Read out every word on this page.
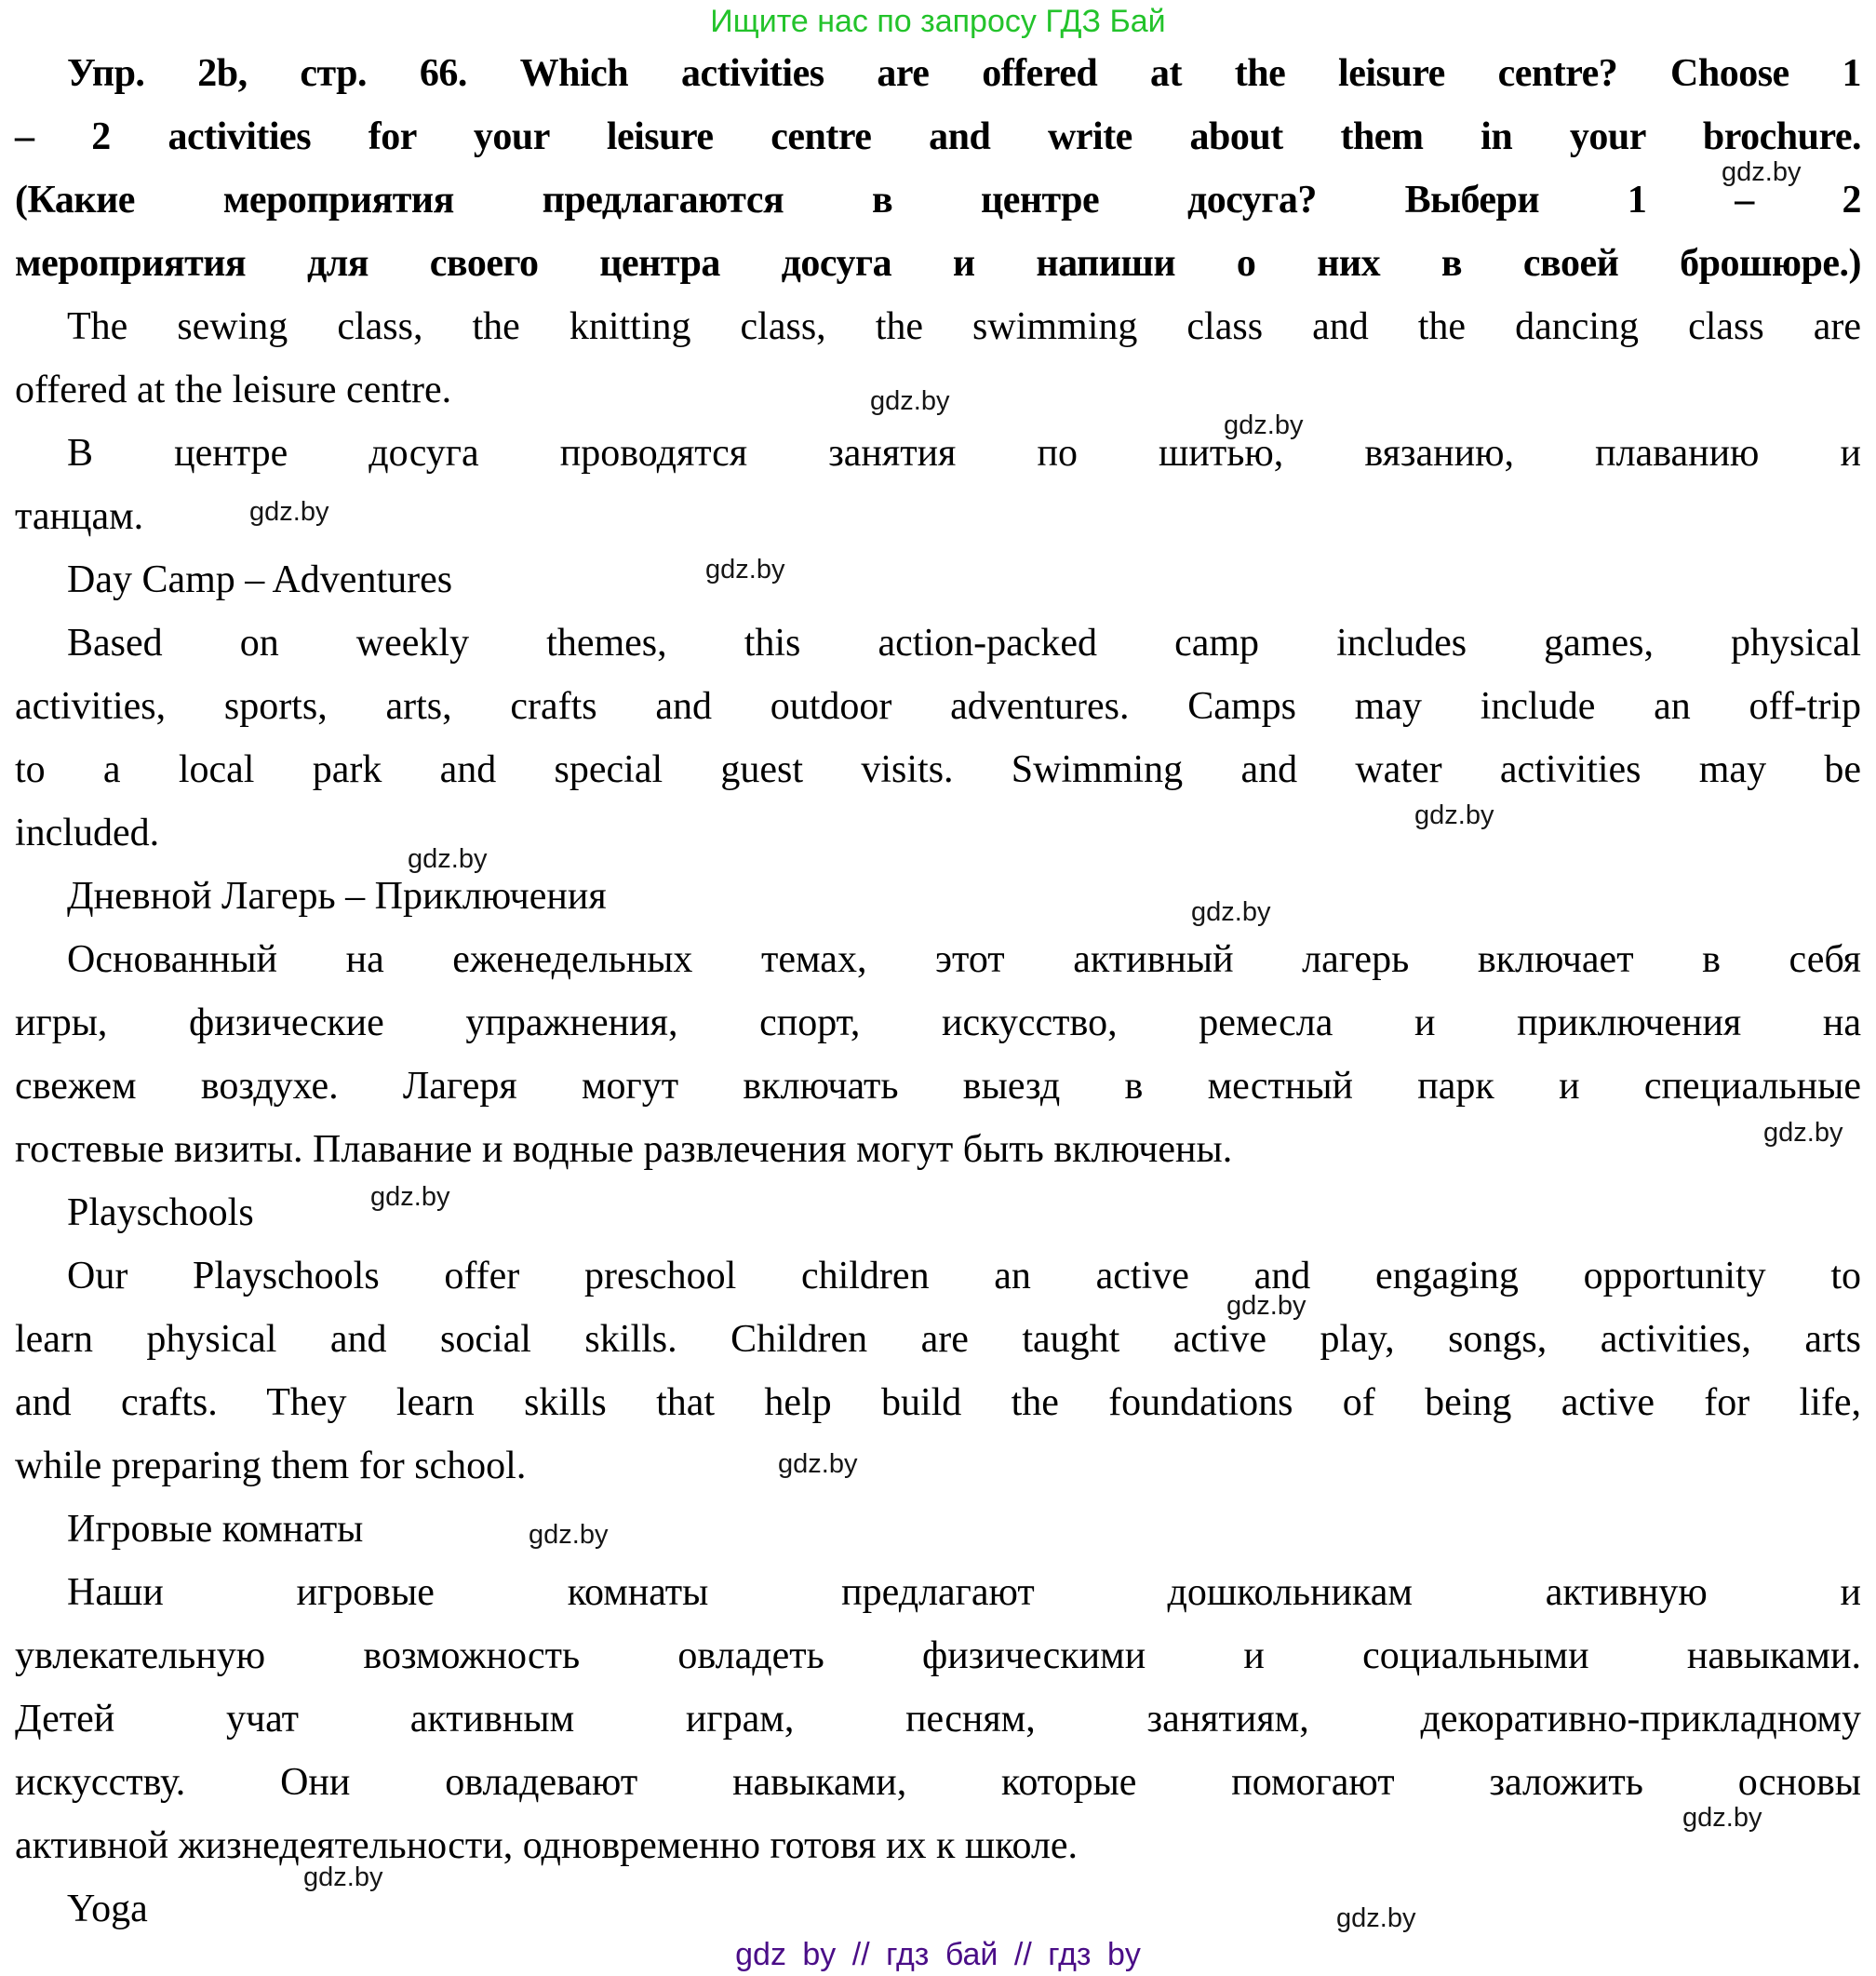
Ищите нас по запросу ГДЗ Бай
Упр. 2b, стр. 66. Which activities are offered at the leisure centre? Choose 1
– 2 activities for your leisure centre and write about them in your brochure.
(Какие мероприятия предлагаются в центре досуга? Выбери 1 – 2
мероприятия для своего центра досуга и напиши о них в своей брошюре.)
The sewing class, the knitting class, the swimming class and the dancing class are
offered at the leisure centre.
В центре досуга проводятся занятия по шитью, вязанию, плаванию и
танцам.
Day Camp – Adventures
Based on weekly themes, this action-packed camp includes games, physical
activities, sports, arts, crafts and outdoor adventures. Camps may include an off-trip
to a local park and special guest visits. Swimming and water activities may be
included.
Дневной Лагерь – Приключения
Основанный на еженедельных темах, этот активный лагерь включает в себя
игры, физические упражнения, спорт, искусство, ремесла и приключения на
свежем воздухе. Лагеря могут включать выезд в местный парк и специальные
гостевые визиты. Плавание и водные развлечения могут быть включены.
Playschools
Our Playschools offer preschool children an active and engaging opportunity to
learn physical and social skills. Children are taught active play, songs, activities, arts
and crafts. They learn skills that help build the foundations of being active for life,
while preparing them for school.
Игровые комнаты
Наши игровые комнаты предлагают дошкольникам активную и
увлекательную возможность овладеть физическими и социальными навыками.
Детей учат активным играм, песням, занятиям, декоративно-прикладному
искусству. Они овладевают навыками, которые помогают заложить основы
активной жизнедеятельности, одновременно готовя их к школе.
Yoga
gdz.by
gdz.by
gdz.by
gdz.by
gdz.by
gdz.by
gdz.by
gdz.by
gdz.by
gdz.by
gdz.by
gdz.by
gdz.by
gdz.by
gdz.by
gdz.by
gdz by // гдз бай // гдз by
